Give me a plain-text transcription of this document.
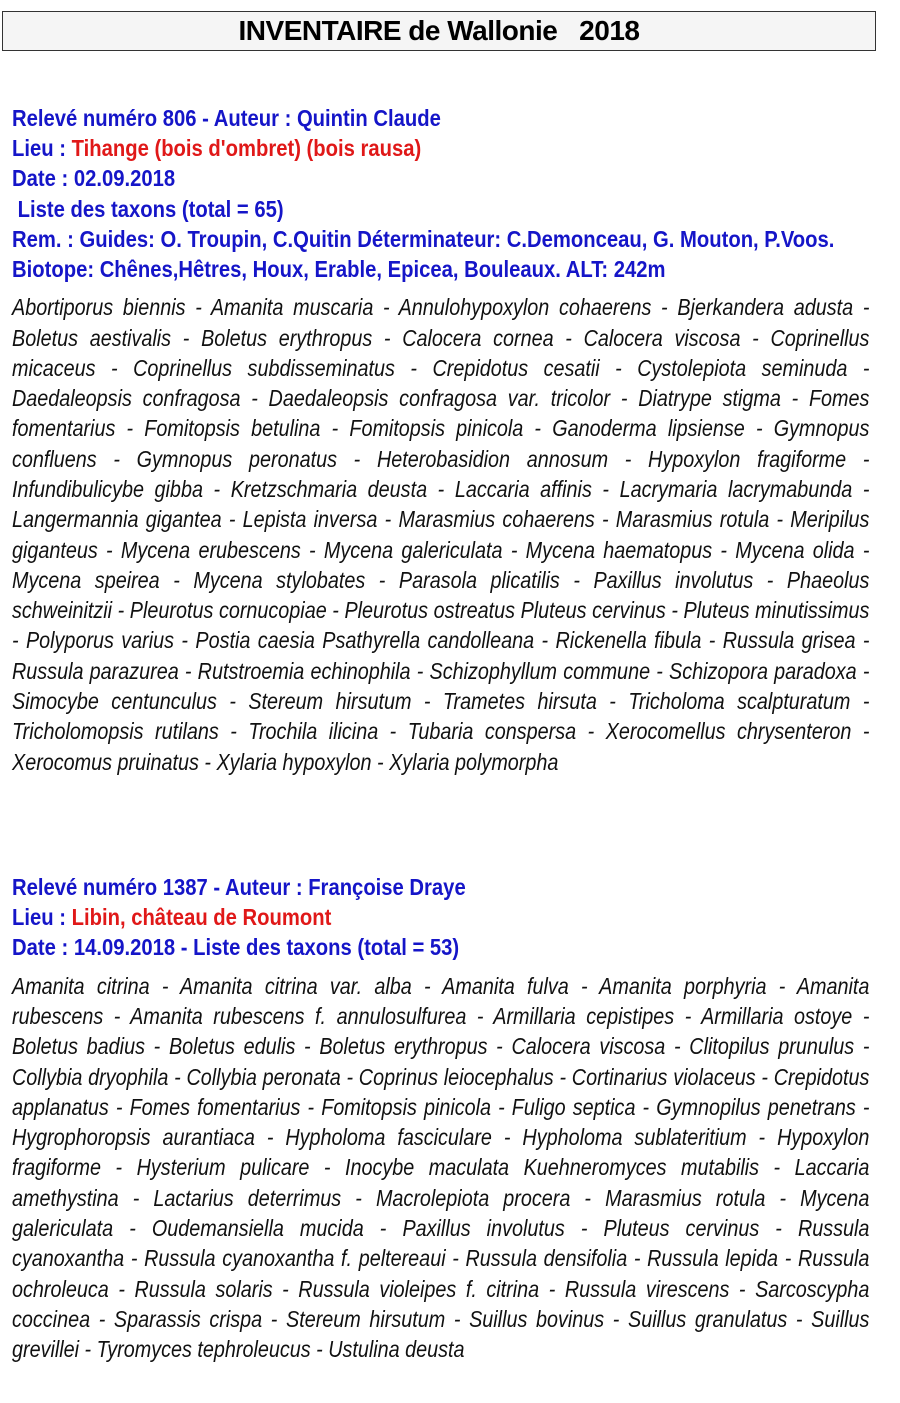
INVENTAIRE de Wallonie   2018
Relevé numéro 806 - Auteur : Quintin Claude
Lieu : Tihange (bois d'ombret) (bois rausa)
Date : 02.09.2018
Liste des taxons (total = 65)
Rem. : Guides: O. Troupin, C.Quitin Déterminateur: C.Demonceau, G. Mouton, P.Voos.
Biotope: Chênes,Hêtres, Houx, Erable, Epicea, Bouleaux. ALT: 242m
Abortiporus biennis - Amanita muscaria - Annulohypoxylon cohaerens - Bjerkandera adusta - Boletus aestivalis - Boletus erythropus - Calocera cornea - Calocera viscosa - Coprinellus micaceus - Coprinellus subdisseminatus - Crepidotus cesatii - Cystolepiota seminuda - Daedaleopsis confragosa - Daedaleopsis confragosa var. tricolor - Diatrype stigma - Fomes fomentarius - Fomitopsis betulina - Fomitopsis pinicola - Ganoderma lipsiense - Gymnopus confluens - Gymnopus peronatus - Heterobasidion annosum - Hypoxylon fragiforme - Infundibulicybe gibba - Kretzschmaria deusta - Laccaria affinis - Lacrymaria lacrymabunda - Langermannia gigantea - Lepista inversa - Marasmius cohaerens - Marasmius rotula - Meripilus giganteus - Mycena erubescens - Mycena galericulata - Mycena haematopus - Mycena olida - Mycena speirea - Mycena stylobates - Parasola plicatilis - Paxillus involutus - Phaeolus schweinitzii - Pleurotus cornucopiae - Pleurotus ostreatus Pluteus cervinus - Pluteus minutissimus - Polyporus varius - Postia caesia Psathyrella candolleana - Rickenella fibula - Russula grisea - Russula parazurea - Rutstroemia echinophila - Schizophyllum commune - Schizopora paradoxa - Simocybe centunculus - Stereum hirsutum - Trametes hirsuta - Tricholoma scalpturatum - Tricholomopsis rutilans - Trochila ilicina - Tubaria conspersa - Xerocomellus chrysenteron - Xerocomus pruinatus - Xylaria hypoxylon - Xylaria polymorpha
Relevé numéro 1387 - Auteur : Françoise Draye
Lieu : Libin, château de Roumont
Date : 14.09.2018 - Liste des taxons (total = 53)
Amanita citrina - Amanita citrina var. alba - Amanita fulva - Amanita porphyria - Amanita rubescens - Amanita rubescens f. annulosulfurea - Armillaria cepistipes - Armillaria ostoye - Boletus badius - Boletus edulis - Boletus erythropus - Calocera viscosa - Clitopilus prunulus - Collybia dryophila - Collybia peronata - Coprinus leiocephalus - Cortinarius violaceus - Crepidotus applanatus - Fomes fomentarius - Fomitopsis pinicola - Fuligo septica - Gymnopilus penetrans - Hygrophoropsis aurantiaca - Hypholoma fasciculare - Hypholoma sublateritium - Hypoxylon fragiforme - Hysterium pulicare - Inocybe maculata Kuehneromyces mutabilis - Laccaria amethystina - Lactarius deterrimus - Macrolepiota procera - Marasmius rotula - Mycena galericulata - Oudemansiella mucida - Paxillus involutus - Pluteus cervinus - Russula cyanoxantha - Russula cyanoxantha f. peltereaui - Russula densifolia - Russula lepida - Russula ochroleuca - Russula solaris - Russula violeipes f. citrina - Russula virescens - Sarcoscypha coccinea - Sparassis crispa - Stereum hirsutum - Suillus bovinus - Suillus granulatus - Suillus grevillei - Tyromyces tephroleucus - Ustulina deusta
